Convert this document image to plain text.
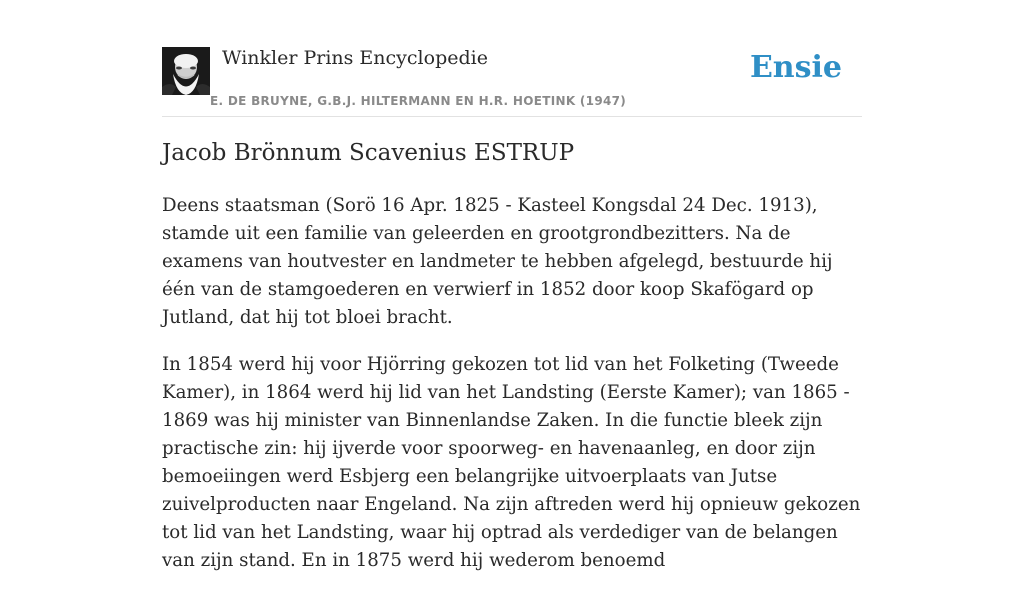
Winkler Prins Encyclopedie
E. DE BRUYNE, G.B.J. HILTERMANN EN H.R. HOETINK (1947)
Ensie
Jacob Brönnum Scavenius ESTRUP

Deens staatsman (Sorö 16 Apr. 1825 - Kasteel Kongsdal 24 Dec. 1913), stamde uit een familie van geleerden en grootgrondbezitters. Na de examens van houtvester en landmeter te hebben afgelegd, bestuurde hij één van de stamgoederen en verwierf in 1852 door koop Skafögard op Jutland, dat hij tot bloei bracht.

In 1854 werd hij voor Hjörring gekozen tot lid van het Folketing (Tweede Kamer), in 1864 werd hij lid van het Landsting (Eerste Kamer); van 1865 - 1869 was hij minister van Binnenlandse Zaken. In die functie bleek zijn practische zin: hij ijverde voor spoorweg- en havenaanleg, en door zijn bemoeiingen werd Esbjerg een belangrijke uitvoerplaats van Jutse zuivelproducten naar Engeland. Na zijn aftreden werd hij opnieuw gekozen tot lid van het Landsting, waar hij optrad als verdediger van de belangen van zijn stand. En in 1875 werd hij wederom benoemd
